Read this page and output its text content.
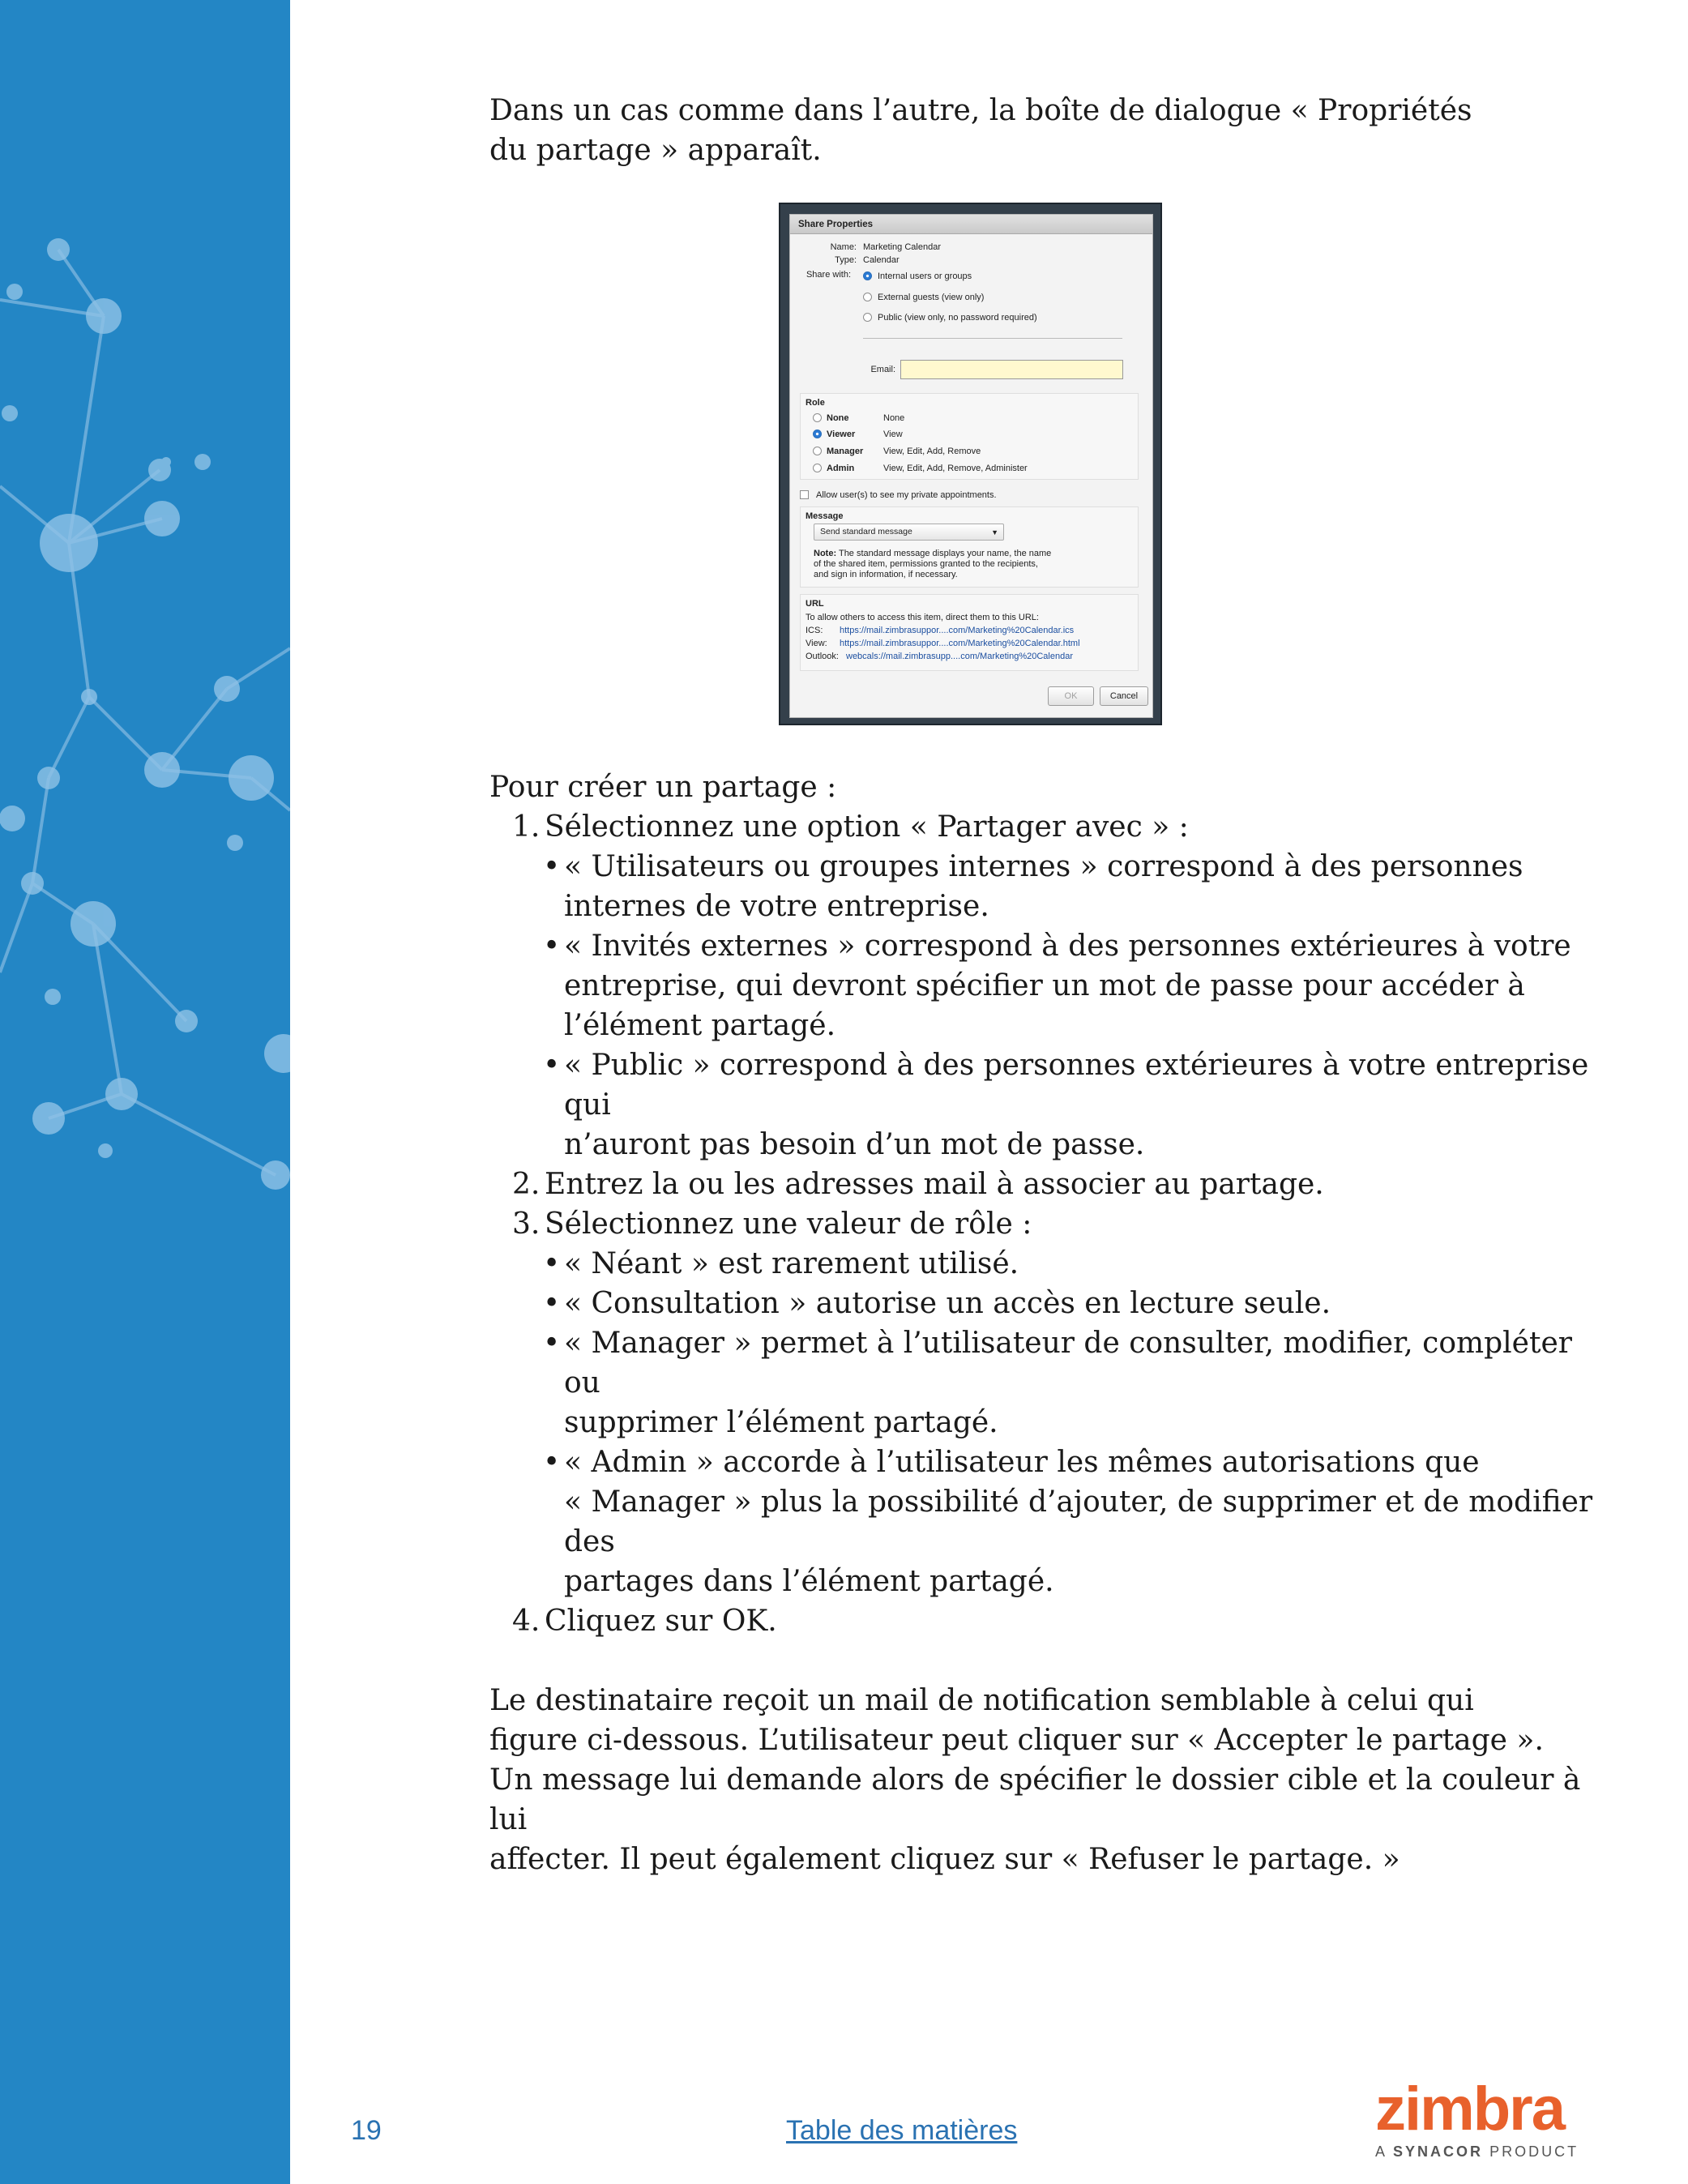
Dans un cas comme dans l’autre, la boîte de dialogue « Propriétés du partage » apparaît.

Share Properties
Name: Marketing Calendar
Type: Calendar
Share with:	Internal users or groups
External guests (view only)
Public (view only, no password required)
Email:
Role
None	None
Viewer	View
Manager View, Edit, Add, Remove
Admin	View, Edit, Add, Remove, Administer
Allow user(s) to see my private appointments.
Message
Send standard message	▼
Note: The standard message displays your name, the name
of the shared item, permissions granted to the recipients,
and sign in information, if necessary.
URL
To allow others to access this item, direct them to this URL:
ICS: https://mail.zimbrasuppor....com/Marketing%20Calendar.ics
View: https://mail.zimbrasuppor....com/Marketing%20Calendar.html
Outlook: webcals://mail.zimbrasupp....com/Marketing%20Calendar
OK	Cancel

Pour créer un partage :

1. Sélectionnez une option « Partager avec » :
• « Utilisateurs ou groupes internes » correspond à des personnes
internes de votre entreprise.
• « Invités externes » correspond à des personnes extérieures à votre
entreprise, qui devront spécifier un mot de passe pour accéder à
l’élément partagé.
• « Public » correspond à des personnes extérieures à votre entreprise qui
n’auront pas besoin d’un mot de passe.
2. Entrez la ou les adresses mail à associer au partage.
3. Sélectionnez une valeur de rôle :
• « Néant » est rarement utilisé.
• « Consultation » autorise un accès en lecture seule.
• « Manager » permet à l’utilisateur de consulter, modifier, compléter ou
supprimer l’élément partagé.
• « Admin » accorde à l’utilisateur les mêmes autorisations que
« Manager » plus la possibilité d’ajouter, de supprimer et de modifier des
partages dans l’élément partagé.
4. Cliquez sur OK.

Le destinataire reçoit un mail de notification semblable à celui qui

figure ci-dessous. L’utilisateur peut cliquer sur « Accepter le partage ».

Un message lui demande alors de spécifier le dossier cible et la couleur à lui

affecter. Il peut également cliquez sur « Refuser le partage. »

19	Table des matières	zimbra
A SYNACOR PRODUCT
